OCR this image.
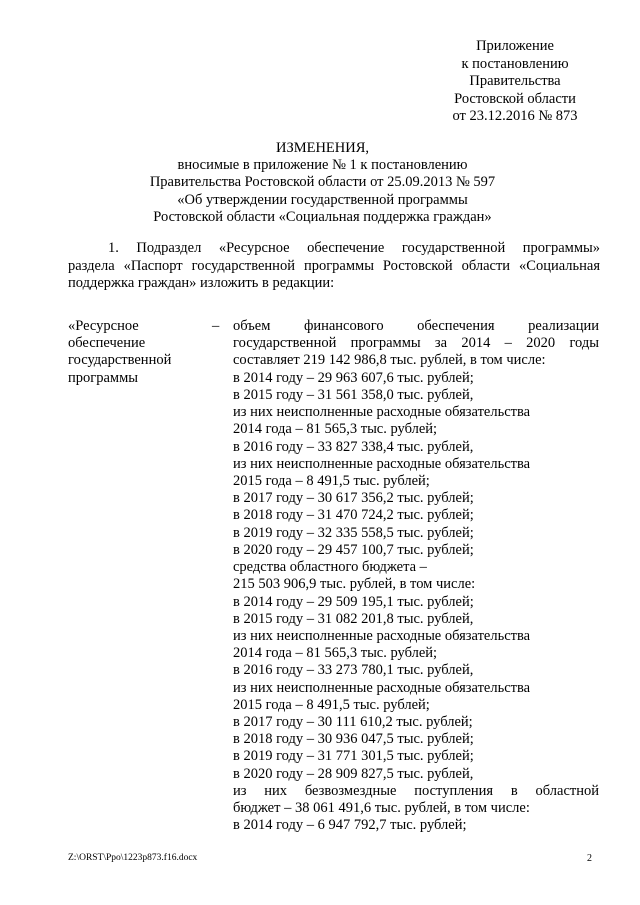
Приложение
к постановлению
Правительства
Ростовской области
от 23.12.2016 № 873
ИЗМЕНЕНИЯ,
вносимые в приложение № 1 к постановлению
Правительства Ростовской области от 25.09.2013 № 597
«Об утверждении государственной программы
Ростовской области «Социальная поддержка граждан»
1. Подраздел «Ресурсное обеспечение государственной программы»
раздела «Паспорт государственной программы Ростовской области «Социальная
поддержка граждан» изложить в редакции:
«Ресурсное
обеспечение
государственной
программы
– объем финансового обеспечения реализации
государственной программы за 2014 – 2020 годы
составляет 219 142 986,8 тыс. рублей, в том числе:
в 2014 году – 29 963 607,6 тыс. рублей;
в 2015 году – 31 561 358,0 тыс. рублей,
из них неисполненные расходные обязательства
2014 года – 81 565,3 тыс. рублей;
в 2016 году – 33 827 338,4 тыс. рублей,
из них неисполненные расходные обязательства
2015 года – 8 491,5 тыс. рублей;
в 2017 году – 30 617 356,2 тыс. рублей;
в 2018 году – 31 470 724,2 тыс. рублей;
в 2019 году – 32 335 558,5 тыс. рублей;
в 2020 году – 29 457 100,7 тыс. рублей;
средства областного бюджета –
215 503 906,9 тыс. рублей, в том числе:
в 2014 году – 29 509 195,1 тыс. рублей;
в 2015 году – 31 082 201,8 тыс. рублей,
из них неисполненные расходные обязательства
2014 года – 81 565,3 тыс. рублей;
в 2016 году – 33 273 780,1 тыс. рублей,
из них неисполненные расходные обязательства
2015 года – 8 491,5 тыс. рублей;
в 2017 году – 30 111 610,2 тыс. рублей;
в 2018 году – 30 936 047,5 тыс. рублей;
в 2019 году – 31 771 301,5 тыс. рублей;
в 2020 году – 28 909 827,5 тыс. рублей,
из них безвозмездные поступления в областной
бюджет – 38 061 491,6 тыс. рублей, в том числе:
в 2014 году – 6 947 792,7 тыс. рублей;
Z:\ORST\Ppo\1223p873.f16.docx	2
